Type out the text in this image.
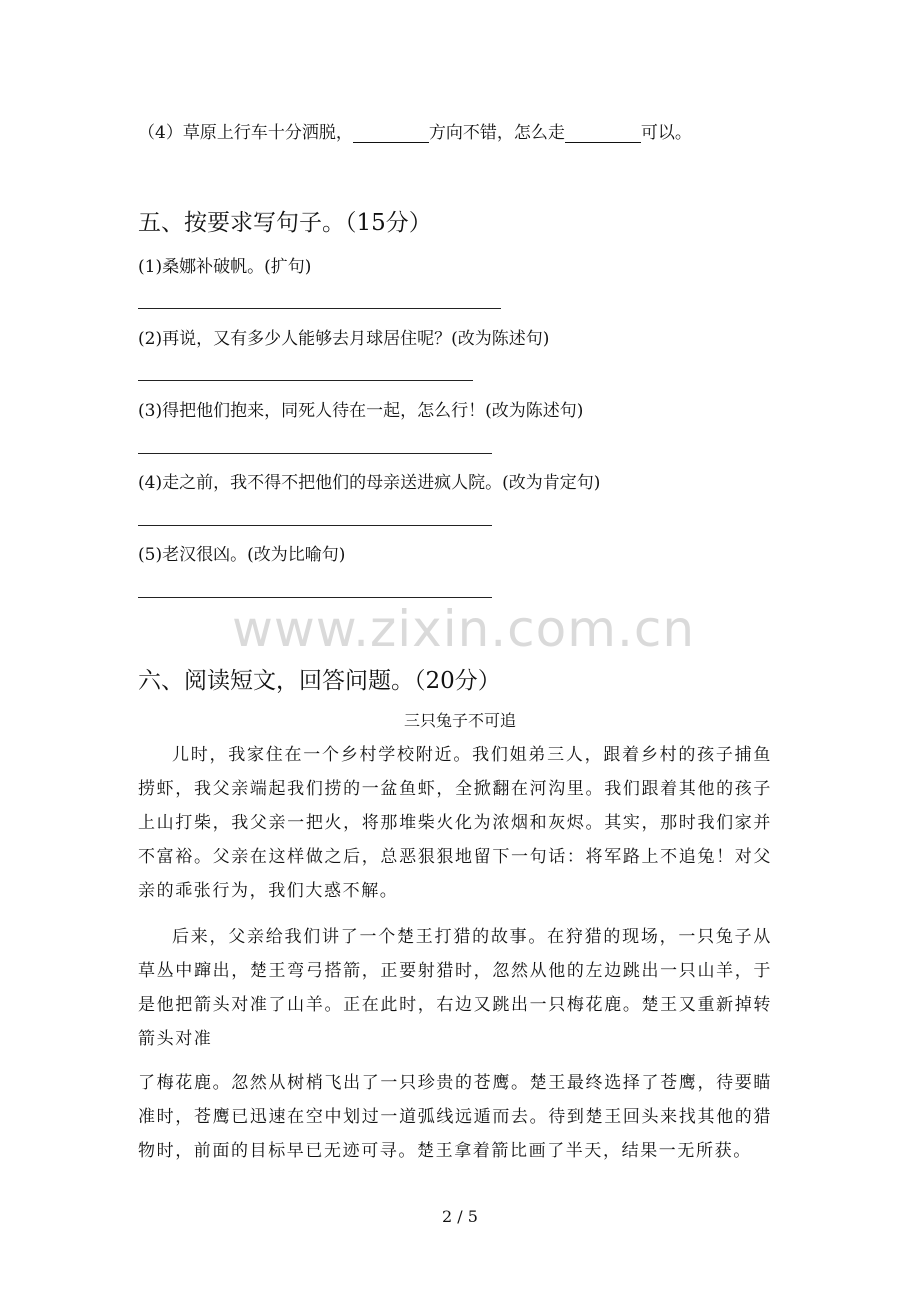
（4）草原上行车十分洒脱，	方向不错，怎么走	可以。
五、按要求写句子。（15分）
(1)桑娜补破帆。(扩句)
(2)再说，又有多少人能够去月球居住呢？(改为陈述句)
(3)得把他们抱来，同死人待在一起，怎么行！(改为陈述句)
(4)走之前，我不得不把他们的母亲送进疯人院。(改为肯定句)
(5)老汉很凶。(改为比喻句)
www.zixin.com.cn
六、阅读短文，回答问题。（20分）
三只兔子不可追
儿时，我家住在一个乡村学校附近。我们姐弟三人，跟着乡村的孩子捕鱼捞虾，我父亲端起我们捞的一盆鱼虾，全掀翻在河沟里。我们跟着其他的孩子上山打柴，我父亲一把火，将那堆柴火化为浓烟和灰烬。其实，那时我们家并不富裕。父亲在这样做之后，总恶狠狠地留下一句话：将军路上不追兔！对父亲的乖张行为，我们大惑不解。
后来，父亲给我们讲了一个楚王打猎的故事。在狩猎的现场，一只兔子从草丛中蹿出，楚王弯弓搭箭，正要射猎时，忽然从他的左边跳出一只山羊，于是他把箭头对准了山羊。正在此时，右边又跳出一只梅花鹿。楚王又重新掉转箭头对准
了梅花鹿。忽然从树梢飞出了一只珍贵的苍鹰。楚王最终选择了苍鹰，待要瞄准时，苍鹰已迅速在空中划过一道弧线远遁而去。待到楚王回头来找其他的猎物时，前面的目标早已无迹可寻。楚王拿着箭比画了半天，结果一无所获。
2 / 5
